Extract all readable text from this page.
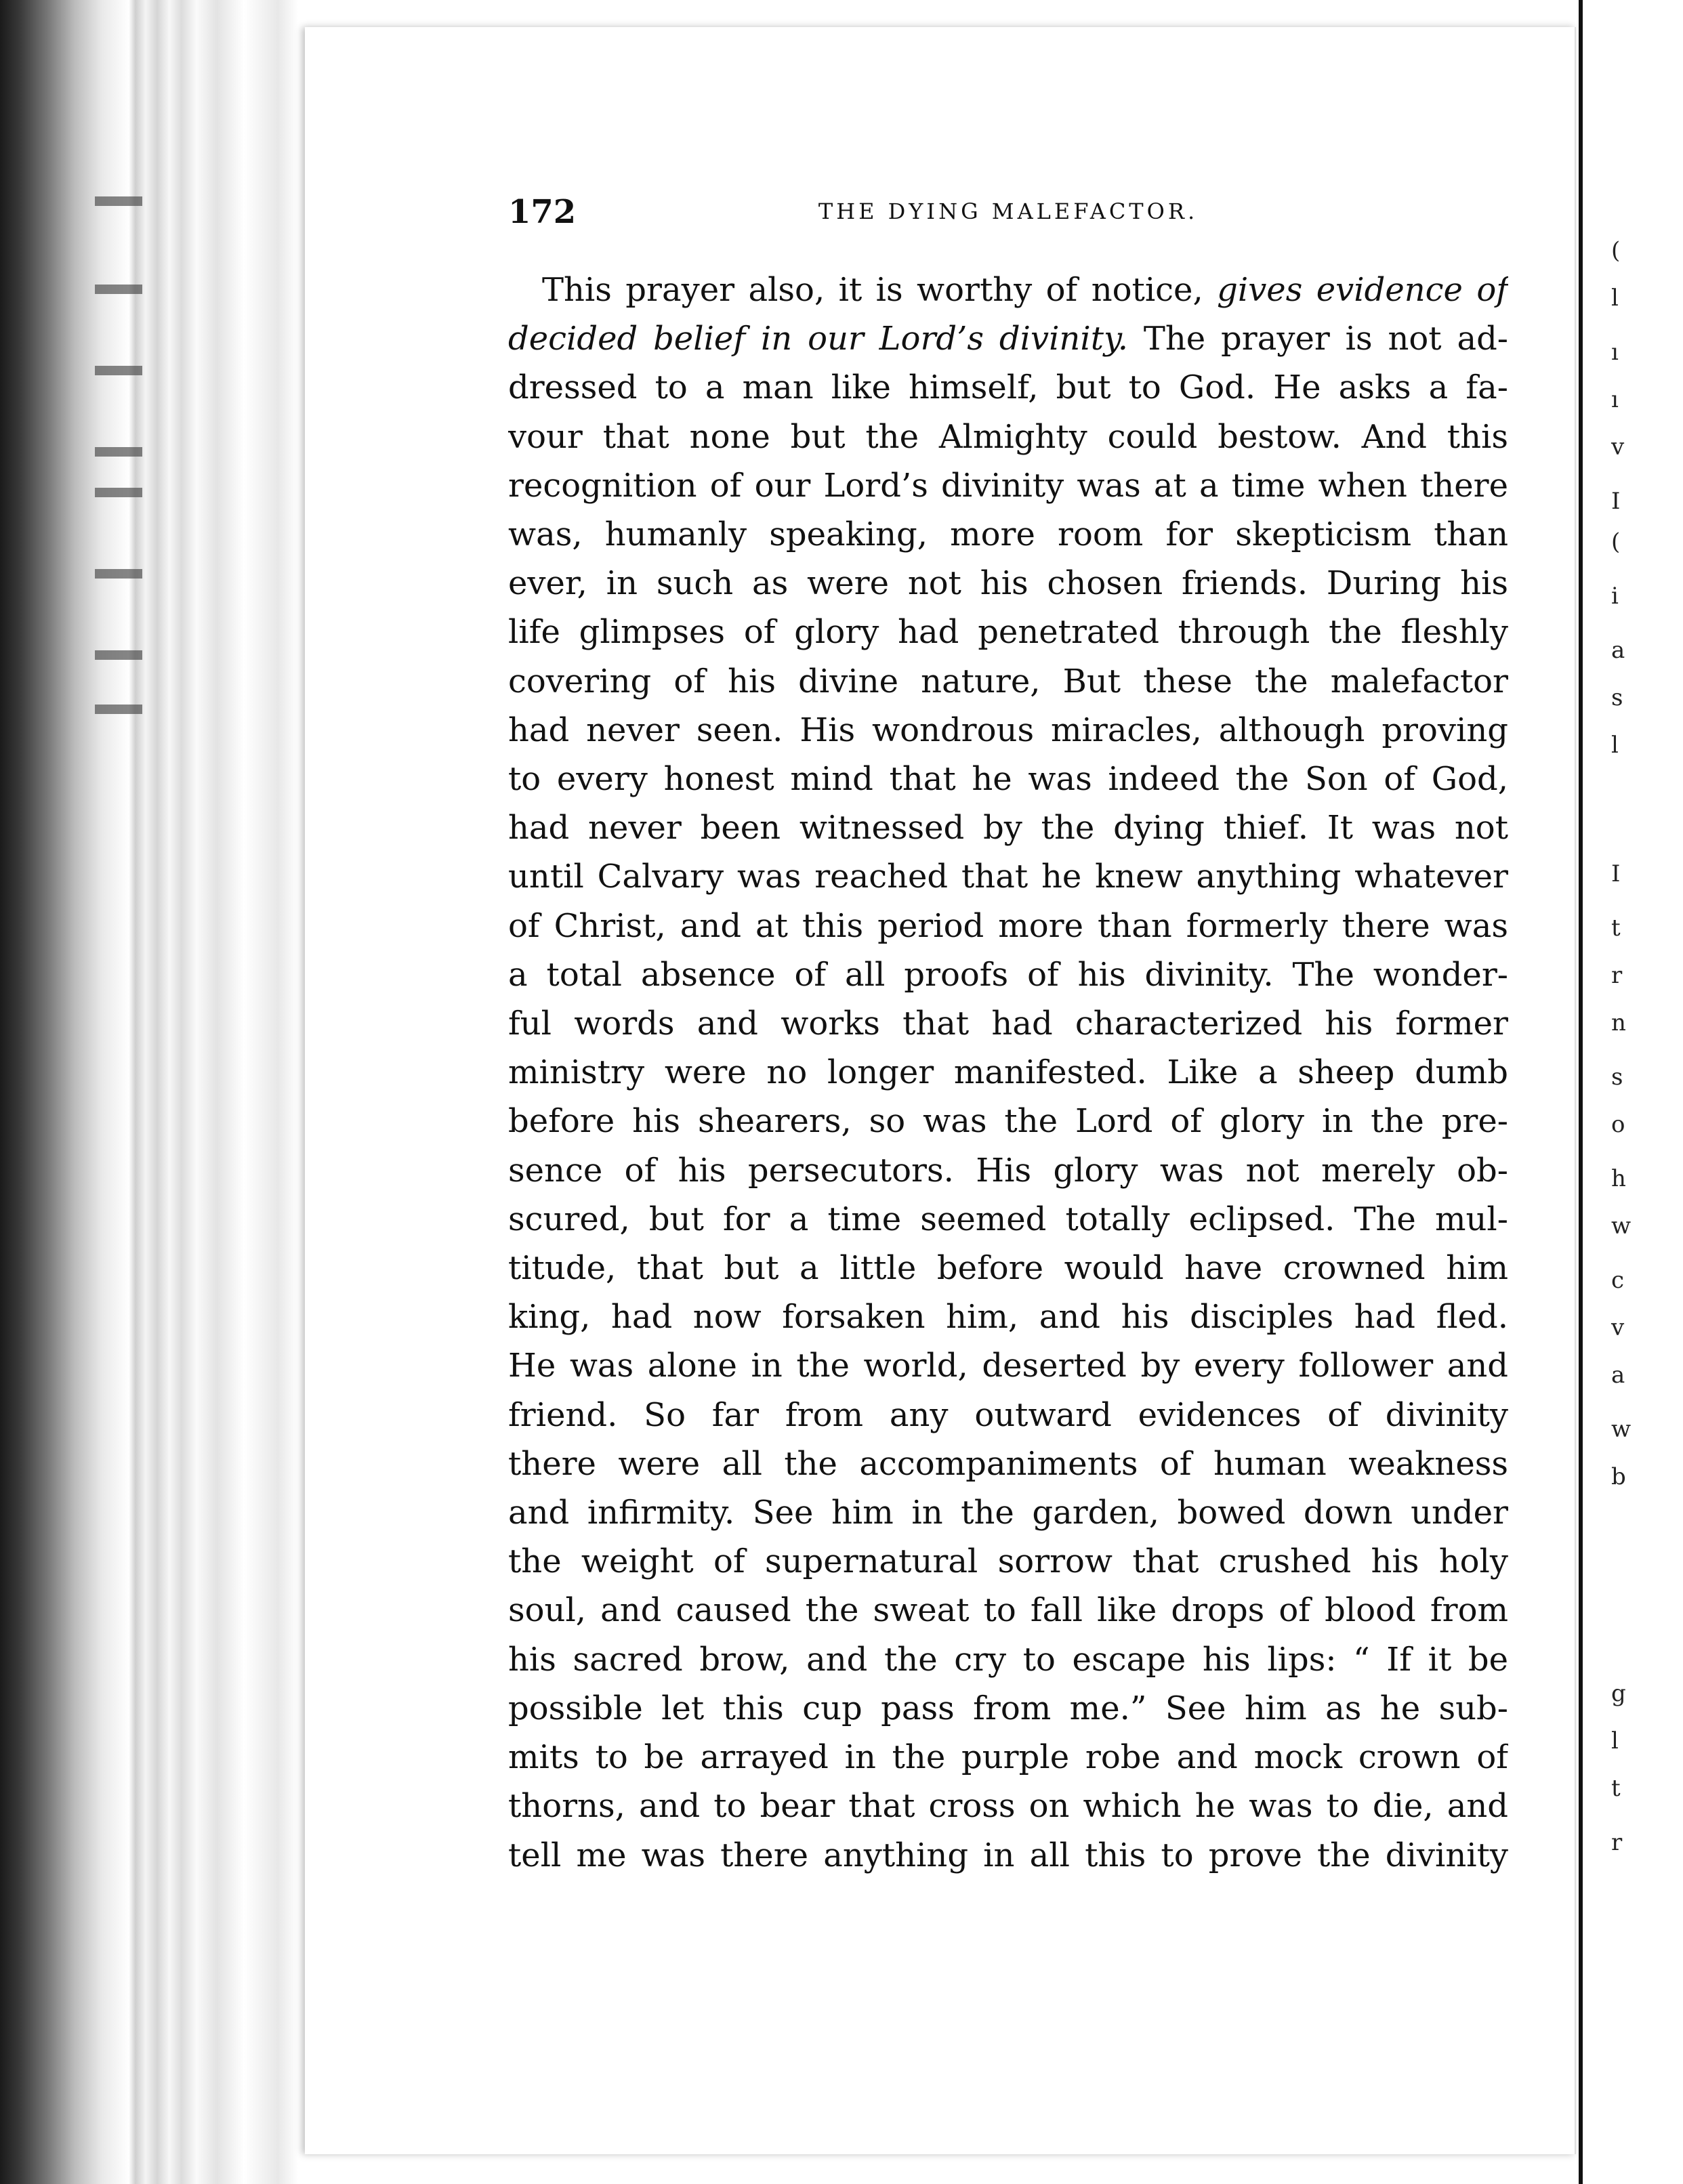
(
l
ı
ı
v
I
(
i
a
s
l
I
t
r
n
s
o
h
w
c
v
a
w
b
g
l
t
r
172	THE DYING MALEFACTOR.
This prayer also, it is worthy of notice, gives evidence of
decided belief in our Lord’s divinity. The prayer is not ad-
dressed to a man like himself, but to God. He asks a fa-
vour that none but the Almighty could bestow. And this
recognition of our Lord’s divinity was at a time when there
was, humanly speaking, more room for skepticism than
ever, in such as were not his chosen friends. During his
life glimpses of glory had penetrated through the fleshly
covering of his divine nature, But these the malefactor
had never seen. His wondrous miracles, although proving
to every honest mind that he was indeed the Son of God,
had never been witnessed by the dying thief. It was not
until Calvary was reached that he knew anything whatever
of Christ, and at this period more than formerly there was
a total absence of all proofs of his divinity. The wonder-
ful words and works that had characterized his former
ministry were no longer manifested. Like a sheep dumb
before his shearers, so was the Lord of glory in the pre-
sence of his persecutors. His glory was not merely ob-
scured, but for a time seemed totally eclipsed. The mul-
titude, that but a little before would have crowned him
king, had now forsaken him, and his disciples had fled.
He was alone in the world, deserted by every follower and
friend. So far from any outward evidences of divinity
there were all the accompaniments of human weakness
and infirmity. See him in the garden, bowed down under
the weight of supernatural sorrow that crushed his holy
soul, and caused the sweat to fall like drops of blood from
his sacred brow, and the cry to escape his lips: “ If it be
possible let this cup pass from me.” See him as he sub-
mits to be arrayed in the purple robe and mock crown of
thorns, and to bear that cross on which he was to die, and
tell me was there anything in all this to prove the divinity
